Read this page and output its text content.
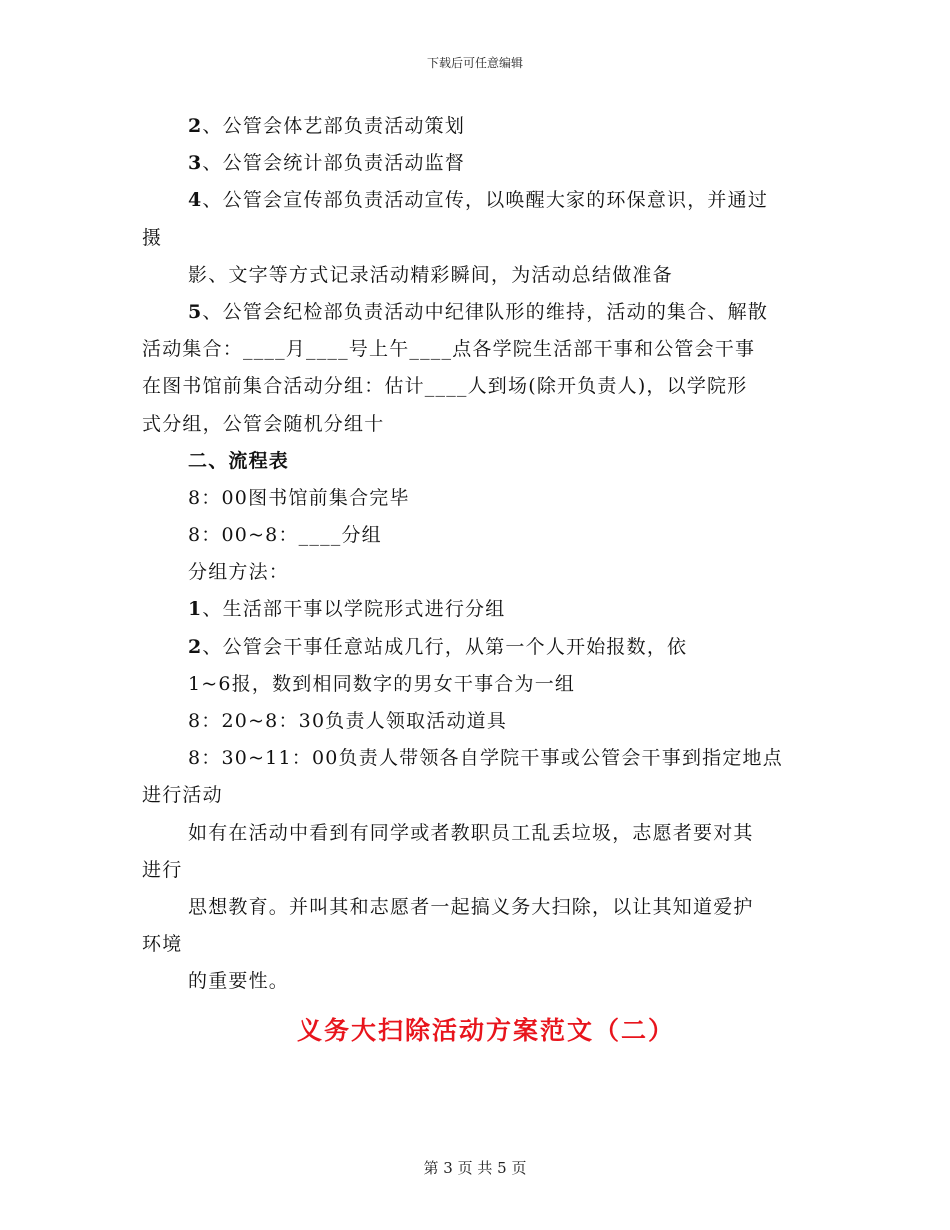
下载后可任意编辑
2、公管会体艺部负责活动策划
3、公管会统计部负责活动监督
4、公管会宣传部负责活动宣传，以唤醒大家的环保意识，并通过
摄
影、文字等方式记录活动精彩瞬间，为活动总结做准备
5、公管会纪检部负责活动中纪律队形的维持，活动的集合、解散
活动集合：____月____号上午____点各学院生活部干事和公管会干事
在图书馆前集合活动分组：估计____人到场(除开负责人)，以学院形
式分组，公管会随机分组十
二、流程表
8：00图书馆前集合完毕
8：00~8：____分组
分组方法：
1、生活部干事以学院形式进行分组
2、公管会干事任意站成几行，从第一个人开始报数，依
1~6报，数到相同数字的男女干事合为一组
8：20~8：30负责人领取活动道具
8：30~11：00负责人带领各自学院干事或公管会干事到指定地点
进行活动
如有在活动中看到有同学或者教职员工乱丢垃圾，志愿者要对其
进行
思想教育。并叫其和志愿者一起搞义务大扫除，以让其知道爱护
环境
的重要性。
义务大扫除活动方案范文（二）
第 3 页 共 5 页
